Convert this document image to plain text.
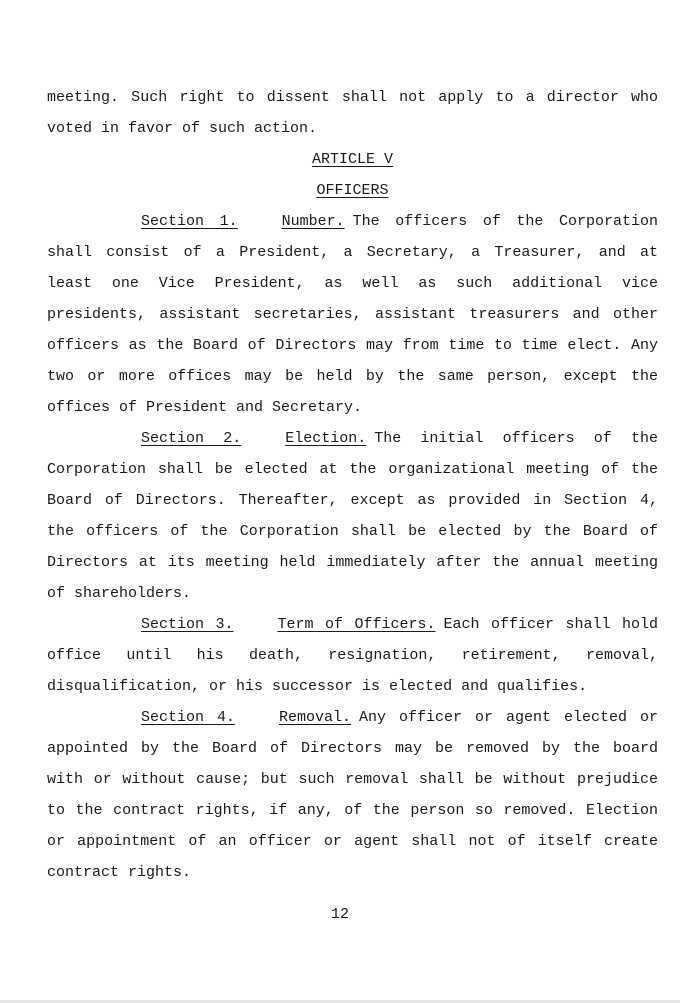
meeting. Such right to dissent shall not apply to a director who voted in favor of such action.

ARTICLE V

OFFICERS

Section 1.	Number. The officers of the Corporation shall consist of a President, a Secretary, a Treasurer, and at least one Vice President, as well as such additional vice presidents, assistant secretaries, assistant treasurers and other officers as the Board of Directors may from time to time elect. Any two or more offices may be held by the same person, except the offices of President and Secretary.

Section 2.	Election. The initial officers of the Corporation shall be elected at the organizational meeting of the Board of Directors. Thereafter, except as provided in Section 4, the officers of the Corporation shall be elected by the Board of Directors at its meeting held immediately after the annual meeting of shareholders.

Section 3.	Term of Officers. Each officer shall hold office until his death, resignation, retirement, removal, disqualification, or his successor is elected and qualifies.

Section 4.	Removal. Any officer or agent elected or appointed by the Board of Directors may be removed by the board with or without cause; but such removal shall be without prejudice to the contract rights, if any, of the person so removed. Election or appointment of an officer or agent shall not of itself create contract rights.

12
